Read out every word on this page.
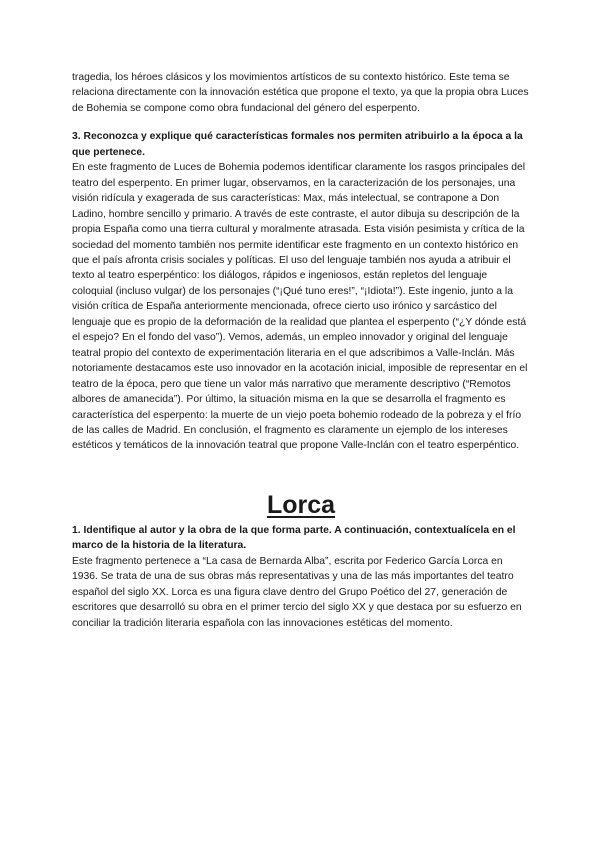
tragedia, los héroes clásicos y los movimientos artísticos de su contexto histórico. Este tema se relaciona directamente con la innovación estética que propone el texto, ya que la propia obra Luces de Bohemia se compone como obra fundacional del género del esperpento.

3. Reconozca y explique qué características formales nos permiten atribuirlo a la época a la que pertenece.

En este fragmento de Luces de Bohemia podemos identificar claramente los rasgos principales del teatro del esperpento. En primer lugar, observamos, en la caracterización de los personajes, una visión ridícula y exagerada de sus características: Max, más intelectual, se contrapone a Don Ladino, hombre sencillo y primario. A través de este contraste, el autor dibuja su descripción de la propia España como una tierra cultural y moralmente atrasada. Esta visión pesimista y crítica de la sociedad del momento también nos permite identificar este fragmento en un contexto histórico en que el país afronta crisis sociales y políticas. El uso del lenguaje también nos ayuda a atribuir el texto al teatro esperpéntico: los diálogos, rápidos e ingeniosos, están repletos del lenguaje coloquial (incluso vulgar) de los personajes (“¡Qué tuno eres!”, “¡Idiota!”). Este ingenio, junto a la visión crítica de España anteriormente mencionada, ofrece cierto uso irónico y sarcástico del lenguaje que es propio de la deformación de la realidad que plantea el esperpento (“¿Y dónde está el espejo? En el fondo del vaso”). Vemos, además, un empleo innovador y original del lenguaje teatral propio del contexto de experimentación literaria en el que adscribimos a Valle-Inclán. Más notoriamente destacamos este uso innovador en la acotación inicial, imposible de representar en el teatro de la época, pero que tiene un valor más narrativo que meramente descriptivo (“Remotos albores de amanecida”). Por último, la situación misma en la que se desarrolla el fragmento es característica del esperpento: la muerte de un viejo poeta bohemio rodeado de la pobreza y el frío de las calles de Madrid. En conclusión, el fragmento es claramente un ejemplo de los intereses estéticos y temáticos de la innovación teatral que propone Valle-Inclán con el teatro esperpéntico.

Lorca

1. Identifique al autor y la obra de la que forma parte. A continuación, contextualícela en el marco de la historia de la literatura.

Este fragmento pertenece a “La casa de Bernarda Alba”, escrita por Federico García Lorca en 1936. Se trata de una de sus obras más representativas y una de las más importantes del teatro español del siglo XX. Lorca es una figura clave dentro del Grupo Poético del 27, generación de escritores que desarrolló su obra en el primer tercio del siglo XX y que destaca por su esfuerzo en conciliar la tradición literaria española con las innovaciones estéticas del momento.
